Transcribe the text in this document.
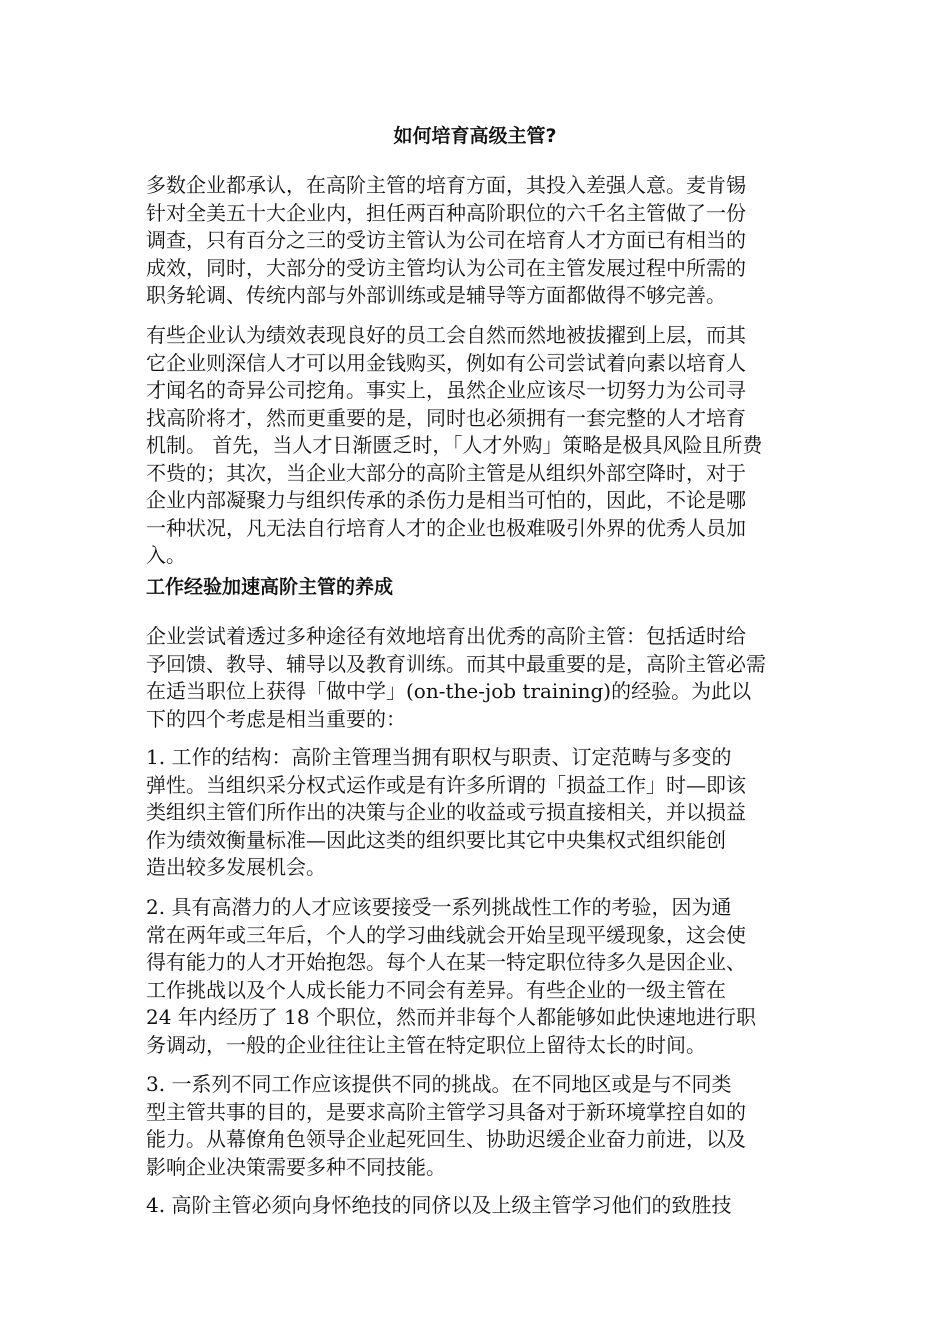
如何培育高级主管?

多数企业都承认，在高阶主管的培育方面，其投入差强人意。麦肯锡
针对全美五十大企业内，担任两百种高阶职位的六千名主管做了一份
调查，只有百分之三的受访主管认为公司在培育人才方面已有相当的
成效，同时，大部分的受访主管均认为公司在主管发展过程中所需的
职务轮调、传统内部与外部训练或是辅导等方面都做得不够完善。

有些企业认为绩效表现良好的员工会自然而然地被拔擢到上层，而其
它企业则深信人才可以用金钱购买，例如有公司尝试着向素以培育人
才闻名的奇异公司挖角。事实上，虽然企业应该尽一切努力为公司寻
找高阶将才，然而更重要的是，同时也必须拥有一套完整的人才培育
机制。 首先，当人才日渐匮乏时，「人才外购」策略是极具风险且所费
不赀的；其次，当企业大部分的高阶主管是从组织外部空降时，对于
企业内部凝聚力与组织传承的杀伤力是相当可怕的，因此，不论是哪
一种状况，凡无法自行培育人才的企业也极难吸引外界的优秀人员加
入。

工作经验加速高阶主管的养成

企业尝试着透过多种途径有效地培育出优秀的高阶主管：包括适时给
予回馈、教导、辅导以及教育训练。而其中最重要的是，高阶主管必需
在适当职位上获得「做中学」(on-the-job training)的经验。为此以
下的四个考虑是相当重要的：

1. 工作的结构：高阶主管理当拥有职权与职责、订定范畴与多变的
弹性。当组织采分权式运作或是有许多所谓的「损益工作」时—即该
类组织主管们所作出的决策与企业的收益或亏损直接相关，并以损益
作为绩效衡量标准—因此这类的组织要比其它中央集权式组织能创
造出较多发展机会。

2. 具有高潜力的人才应该要接受一系列挑战性工作的考验，因为通
常在两年或三年后，个人的学习曲线就会开始呈现平缓现象，这会使
得有能力的人才开始抱怨。每个人在某一特定职位待多久是因企业、
工作挑战以及个人成长能力不同会有差异。有些企业的一级主管在
24 年内经历了 18 个职位，然而并非每个人都能够如此快速地进行职
务调动，一般的企业往往让主管在特定职位上留待太长的时间。

3. 一系列不同工作应该提供不同的挑战。在不同地区或是与不同类
型主管共事的目的，是要求高阶主管学习具备对于新环境掌控自如的
能力。从幕僚角色领导企业起死回生、协助迟缓企业奋力前进，以及
影响企业决策需要多种不同技能。

4. 高阶主管必须向身怀绝技的同侪以及上级主管学习他们的致胜技
